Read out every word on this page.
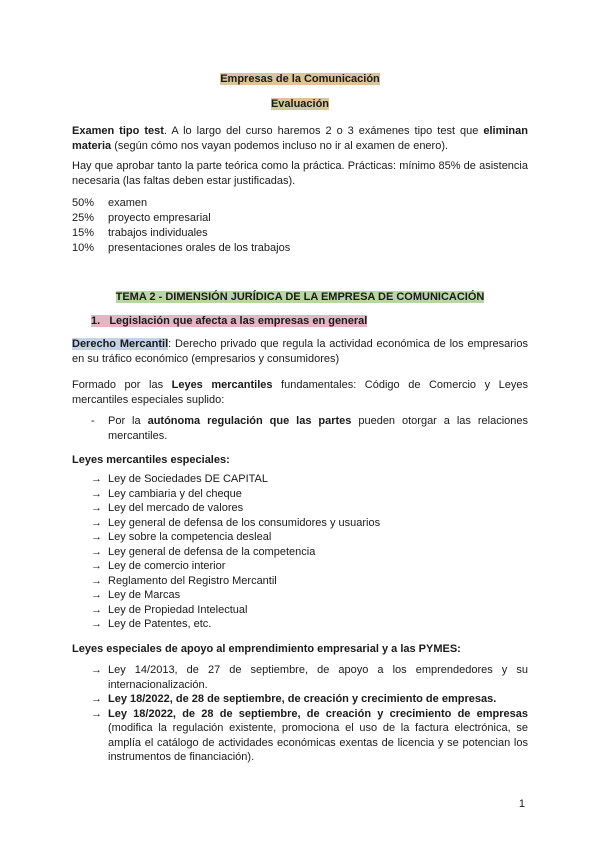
Empresas de la Comunicación
Evaluación
Examen tipo test. A lo largo del curso haremos 2 o 3 exámenes tipo test que eliminan materia (según cómo nos vayan podemos incluso no ir al examen de enero).
Hay que aprobar tanto la parte teórica como la práctica. Prácticas: mínimo 85% de asistencia necesaria (las faltas deben estar justificadas).
50% examen
25% proyecto empresarial
15% trabajos individuales
10% presentaciones orales de los trabajos
TEMA 2 - DIMENSIÓN JURÍDICA DE LA EMPRESA DE COMUNICACIÓN
1.   Legislación que afecta a las empresas en general
Derecho Mercantil: Derecho privado que regula la actividad económica de los empresarios en su tráfico económico (empresarios y consumidores)
Formado por las Leyes mercantiles fundamentales: Código de Comercio y Leyes mercantiles especiales suplido:
- Por la autónoma regulación que las partes pueden otorgar a las relaciones mercantiles.
Leyes mercantiles especiales:
→ Ley de Sociedades DE CAPITAL
→ Ley cambiaria y del cheque
→ Ley del mercado de valores
→ Ley general de defensa de los consumidores y usuarios
→ Ley sobre la competencia desleal
→ Ley general de defensa de la competencia
→ Ley de comercio interior
→ Reglamento del Registro Mercantil
→ Ley de Marcas
→ Ley de Propiedad Intelectual
→ Ley de Patentes, etc.
Leyes especiales de apoyo al emprendimiento empresarial y a las PYMES:
→ Ley 14/2013, de 27 de septiembre, de apoyo a los emprendedores y su internacionalización.
→ Ley 18/2022, de 28 de septiembre, de creación y crecimiento de empresas.
→ Ley 18/2022, de 28 de septiembre, de creación y crecimiento de empresas (modifica la regulación existente, promociona el uso de la factura electrónica, se amplía el catálogo de actividades económicas exentas de licencia y se potencian los instrumentos de financiación).
1
